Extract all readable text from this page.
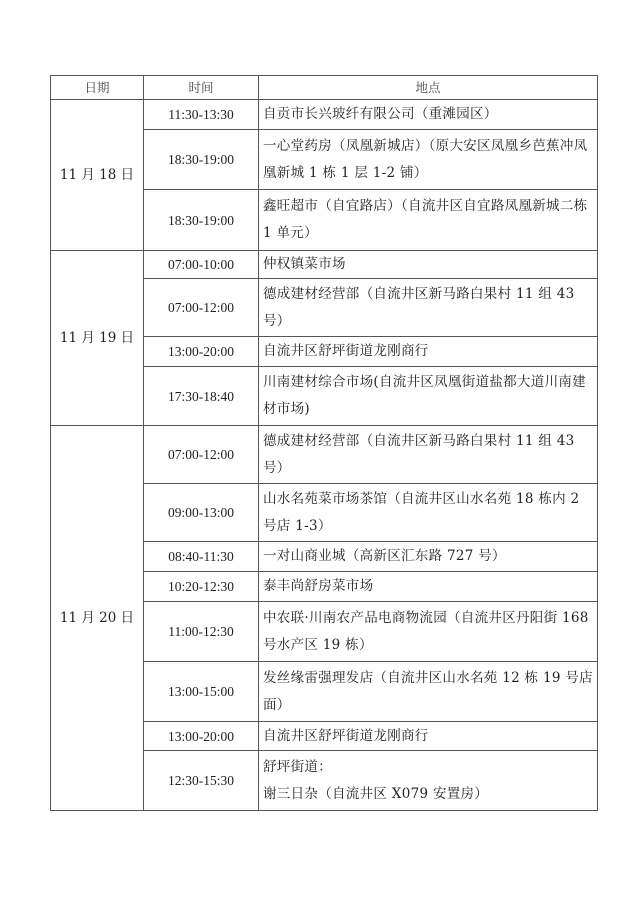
日期	时间	地点
11 月 18 日	11:30-13:30	自贡市长兴玻纤有限公司（重滩园区）
	18:30-19:00	一心堂药房（凤凰新城店）（原大安区凤凰乡芭蕉冲凤凰新城 1 栋 1 层 1-2 铺）
	18:30-19:00	鑫旺超市（自宜路店）（自流井区自宜路凤凰新城二栋 1 单元）
11 月 19 日	07:00-10:00	仲权镇菜市场
	07:00-12:00	德成建材经营部（自流井区新马路白果村 11 组 43 号）
	13:00-20:00	自流井区舒坪街道龙刚商行
	17:30-18:40	川南建材综合市场(自流井区凤凰街道盐都大道川南建材市场)
11 月 20 日	07:00-12:00	德成建材经营部（自流井区新马路白果村 11 组 43 号）
	09:00-13:00	山水名苑菜市场茶馆（自流井区山水名苑 18 栋内 2 号店 1-3）
	08:40-11:30	一对山商业城（高新区汇东路 727 号）
	10:20-12:30	泰丰尚舒房菜市场
	11:00-12:30	中农联·川南农产品电商物流园（自流井区丹阳街 168 号水产区 19 栋）
	13:00-15:00	发丝缘雷强理发店（自流井区山水名苑 12 栋 19 号店面）
	13:00-20:00	自流井区舒坪街道龙刚商行
	12:30-15:30	舒坪街道：
谢三日杂（自流井区 X079 安置房）
